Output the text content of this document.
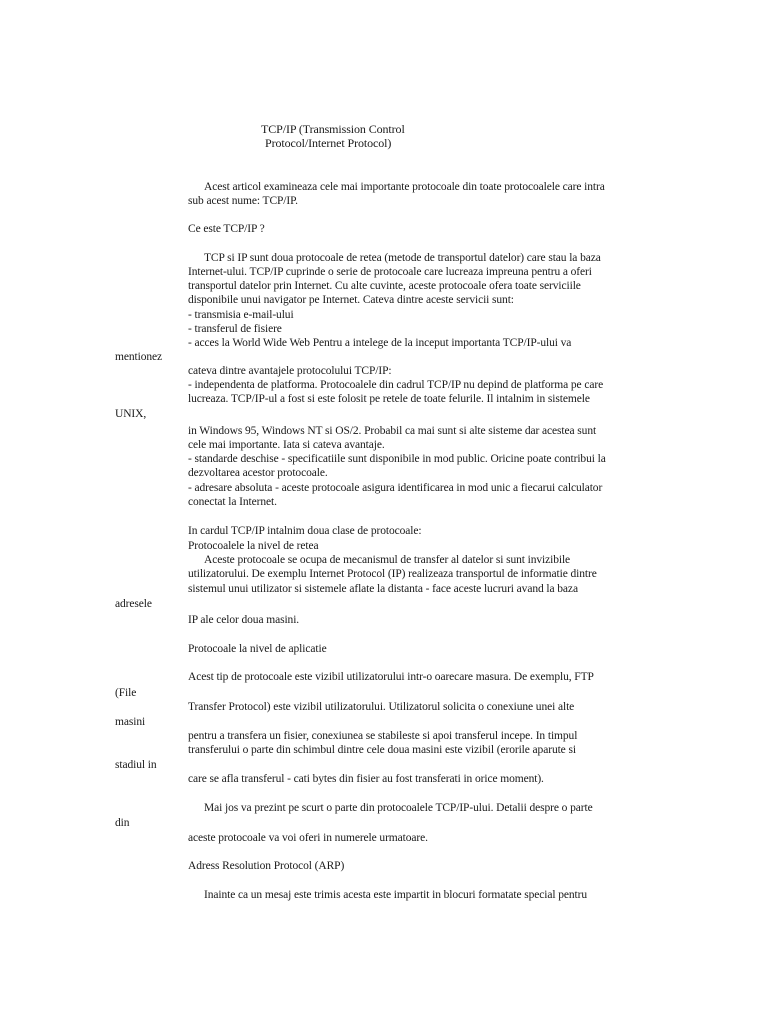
TCP/IP (Transmission Control
Protocol/Internet Protocol)
Acest articol examineaza cele mai importante protocoale din toate protocoalele care intra
sub acest nume: TCP/IP.
Ce este TCP/IP ?
TCP si IP sunt doua protocoale de retea (metode de transportul datelor) care stau la baza
Internet-ului. TCP/IP cuprinde o serie de protocoale care lucreaza impreuna pentru a oferi
transportul datelor prin Internet. Cu alte cuvinte, aceste protocoale ofera toate serviciile
disponibile unui navigator pe Internet. Cateva dintre aceste servicii sunt:
- transmisia e-mail-ului
- transferul de fisiere
- acces la World Wide Web Pentru a intelege de la inceput importanta TCP/IP-ului va
mentionez
cateva dintre avantajele protocolului TCP/IP:
- independenta de platforma. Protocoalele din cadrul TCP/IP nu depind de platforma pe care
lucreaza. TCP/IP-ul a fost si este folosit pe retele de toate felurile. Il intalnim in sistemele
UNIX,
in Windows 95, Windows NT si OS/2. Probabil ca mai sunt si alte sisteme dar acestea sunt
cele mai importante. Iata si cateva avantaje.
- standarde deschise - specificatiile sunt disponibile in mod public. Oricine poate contribui la
dezvoltarea acestor protocoale.
- adresare absoluta - aceste protocoale asigura identificarea in mod unic a fiecarui calculator
conectat la Internet.
In cardul TCP/IP intalnim doua clase de protocoale:
Protocoalele la nivel de retea
Aceste protocoale se ocupa de mecanismul de transfer al datelor si sunt invizibile
utilizatorului. De exemplu Internet Protocol (IP) realizeaza transportul de informatie dintre
sistemul unui utilizator si sistemele aflate la distanta - face aceste lucruri avand la baza
adresele
IP ale celor doua masini.
Protocoale la nivel de aplicatie
Acest tip de protocoale este vizibil utilizatorului intr-o oarecare masura. De exemplu, FTP
(File
Transfer Protocol) este vizibil utilizatorului. Utilizatorul solicita o conexiune unei alte
masini
pentru a transfera un fisier, conexiunea se stabileste si apoi transferul incepe. In timpul
transferului o parte din schimbul dintre cele doua masini este vizibil (erorile aparute si
stadiul in
care se afla transferul - cati bytes din fisier au fost transferati in orice moment).
Mai jos va prezint pe scurt o parte din protocoalele TCP/IP-ului. Detalii despre o parte
din
aceste protocoale va voi oferi in numerele urmatoare.
Adress Resolution Protocol (ARP)
Inainte ca un mesaj este trimis acesta este impartit in blocuri formatate special pentru
